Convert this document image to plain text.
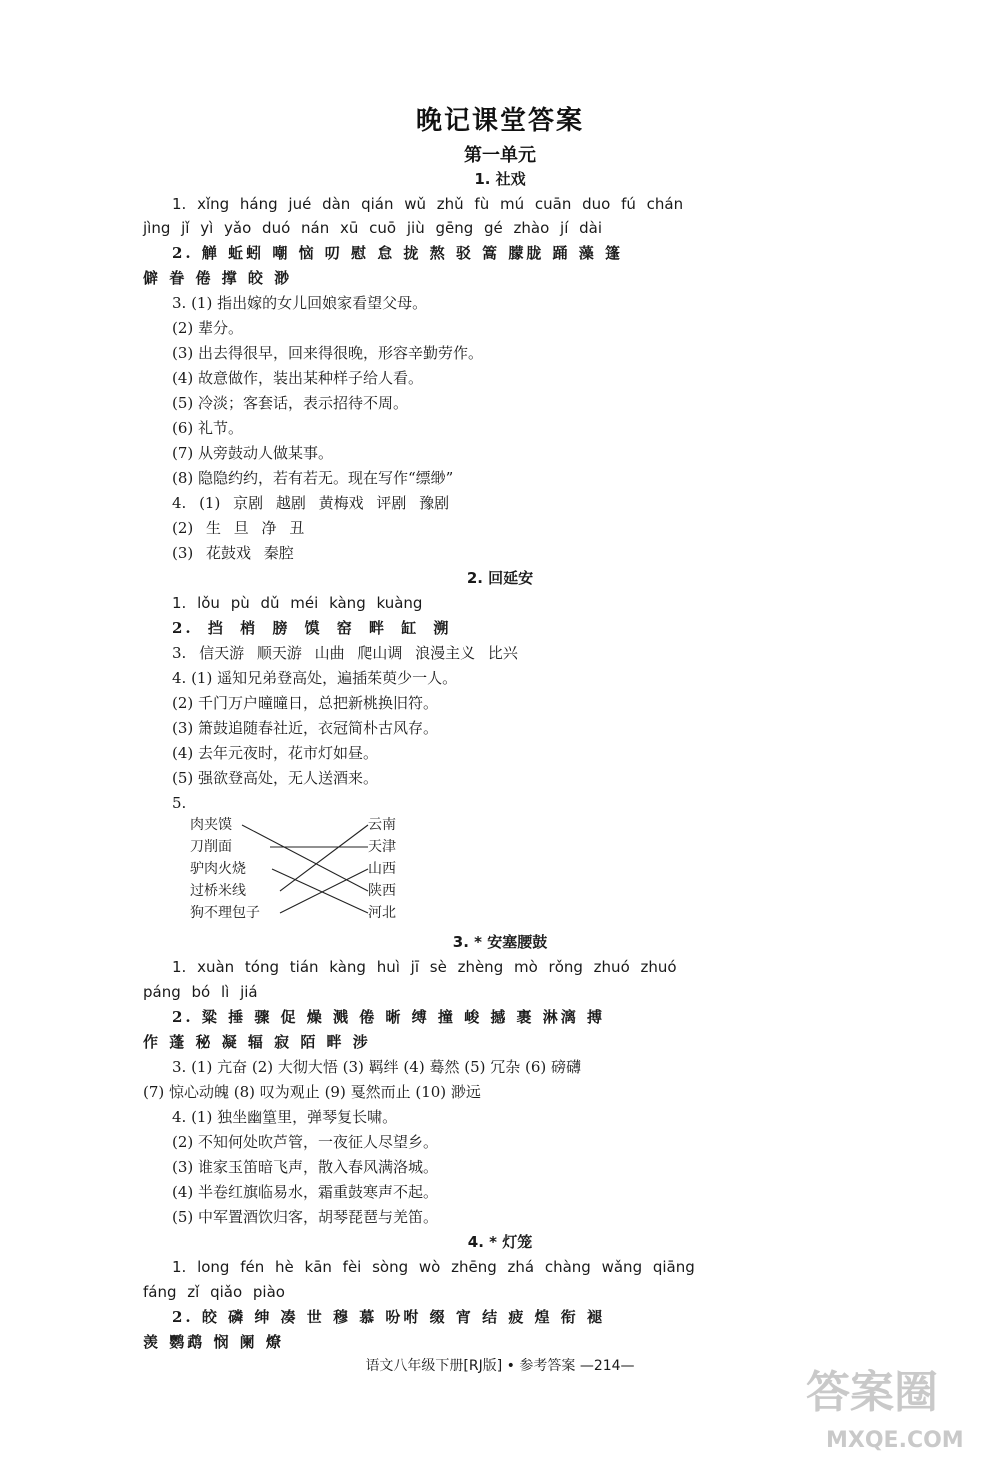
晚记课堂答案
第一单元
1. 社戏
1. xǐng háng jué dàn qián wǔ zhǔ fù mú cuān duo fú chán
jìng jǐ yì yǎo duó nán xū cuō jiù gēng gé zhào jí dài
2. 觯 蚯蚓 嘲 恼 叨 慰 怠 拢 熬 驳 篙 朦胧 踊 藻 篷
僻 眷 倦 撑 皎 渺
3. (1) 指出嫁的女儿回娘家看望父母。
(2) 辈分。
(3) 出去得很早，回来得很晚，形容辛勤劳作。
(4) 故意做作，装出某种样子给人看。
(5) 冷淡；客套话，表示招待不周。
(6) 礼节。
(7) 从旁鼓动人做某事。
(8) 隐隐约约，若有若无。现在写作“缥缈”
4. (1) 京剧 越剧 黄梅戏 评剧 豫剧
(2) 生 旦 净 丑
(3) 花鼓戏 秦腔
2. 回延安
1. lǒu pù dǔ méi kàng kuàng
2. 挡 梢 膀 馍 窑 畔 缸 溯
3. 信天游 顺天游 山曲 爬山调 浪漫主义 比兴
4. (1) 遥知兄弟登高处，遍插茱萸少一人。
(2) 千门万户曈曈日，总把新桃换旧符。
(3) 箫鼓追随春社近，衣冠简朴古风存。
(4) 去年元夜时，花市灯如昼。
(5) 强欲登高处，无人送酒来。
5.
肉夹馍
刀削面
驴肉火烧
过桥米线
狗不理包子
云南
天津
山西
陕西
河北
3. * 安塞腰鼓
1. xuàn tóng tián kàng huì jī sè zhèng mò rǒng zhuó zhuó
páng bó lì jiá
2. 粱 捶 骤 促 燥 溅 倦 晰 缚 撞 峻 撼 裹 淋漓 搏
作 蓬 秘 凝 辐 寂 陌 畔 涉
3. (1) 亢奋 (2) 大彻大悟 (3) 羁绊 (4) 蓦然 (5) 冗杂 (6) 磅礴
(7) 惊心动魄 (8) 叹为观止 (9) 戛然而止 (10) 渺远
4. (1) 独坐幽篁里，弹琴复长啸。
(2) 不知何处吹芦管，一夜征人尽望乡。
(3) 谁家玉笛暗飞声，散入春风满洛城。
(4) 半卷红旗临易水，霜重鼓寒声不起。
(5) 中军置酒饮归客，胡琴琵琶与羌笛。
4. * 灯笼
1. long fén hè kān fèi sòng wò zhēng zhá chàng wǎng qiāng
fáng zǐ qiǎo piào
2. 皎 磷 绅 凑 世 穆 慕 吩咐 缀 宵 结 疲 煌 衔 褪
羡 鹦鹉 悯 阑 燎
语文八年级下册[RJ版] • 参考答案 —214—
答案圈
MXQE.COM
